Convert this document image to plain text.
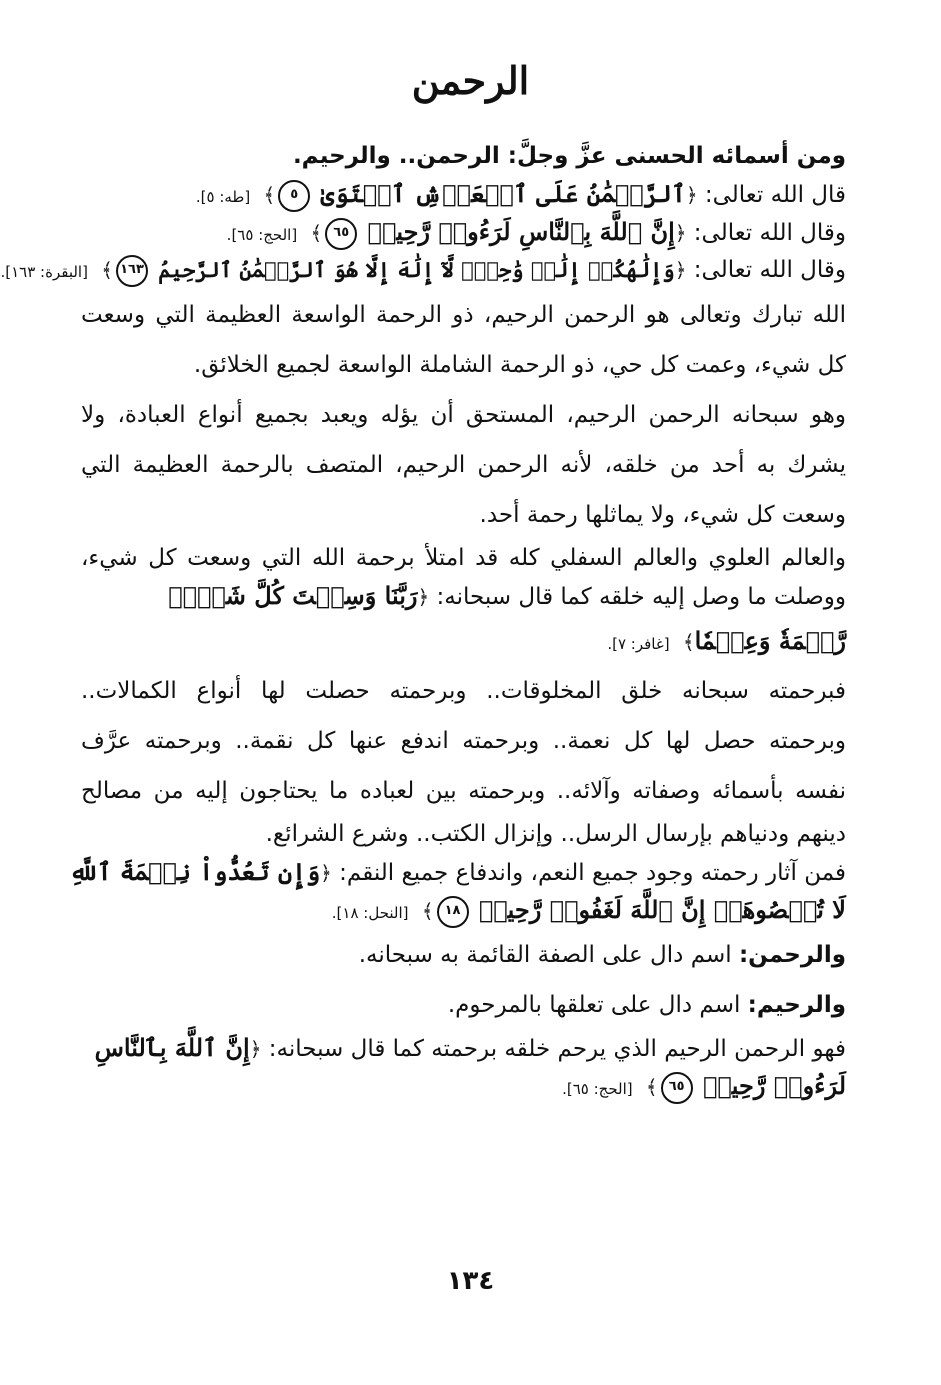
الرحمن
ومن أسمائه الحسنى عزَّ وجلَّ: الرحمن.. والرحيم.
قال الله تعالى: ﴿ٱلرَّحۡمَٰنُ عَلَى ٱلۡعَرۡشِ ٱسۡتَوَىٰ ٥﴾ [طه: ٥].
وقال الله تعالى: ﴿إِنَّ ٱللَّهَ بِٱلنَّاسِ لَرَءُوفٞ رَّحِيمٞ ٦٥﴾ [الحج: ٦٥].
وقال الله تعالى: ﴿وَإِلَٰهُكُمۡ إِلَٰهٞ وَٰحِدٞۖ لَّآ إِلَٰهَ إِلَّا هُوَ ٱلرَّحۡمَٰنُ ٱلرَّحِيمُ ١٦٣﴾ [البقرة: ١٦٣].
الله تبارك وتعالى هو الرحمن الرحيم، ذو الرحمة الواسعة العظيمة التي وسعت
كل شيء، وعمت كل حي، ذو الرحمة الشاملة الواسعة لجميع الخلائق.
وهو سبحانه الرحمن الرحيم، المستحق أن يؤله ويعبد بجميع أنواع العبادة، ولا
يشرك به أحد من خلقه، لأنه الرحمن الرحيم، المتصف بالرحمة العظيمة التي
وسعت كل شيء، ولا يماثلها رحمة أحد.
والعالم العلوي والعالم السفلي كله قد امتلأ برحمة الله التي وسعت كل شيء،
ووصلت ما وصل إليه خلقه كما قال سبحانه: ﴿رَبَّنَا وَسِعۡتَ كُلَّ شَيۡءٖ
رَّحۡمَةٗ وَعِلۡمٗا﴾ [غافر: ٧].
فبرحمته سبحانه خلق المخلوقات.. وبرحمته حصلت لها أنواع الكمالات..
وبرحمته حصل لها كل نعمة.. وبرحمته اندفع عنها كل نقمة.. وبرحمته عرَّف
نفسه بأسمائه وصفاته وآلائه.. وبرحمته بين لعباده ما يحتاجون إليه من مصالح
دينهم ودنياهم بإرسال الرسل.. وإنزال الكتب.. وشرع الشرائع.
فمن آثار رحمته وجود جميع النعم، واندفاع جميع النقم: ﴿وَإِن تَعُدُّواْ نِعۡمَةَ ٱللَّهِ
لَا تُحۡصُوهَآۗ إِنَّ ٱللَّهَ لَغَفُورٞ رَّحِيمٞ ١٨﴾ [النحل: ١٨].
والرحمن: اسم دال على الصفة القائمة به سبحانه.
والرحيم: اسم دال على تعلقها بالمرحوم.
فهو الرحمن الرحيم الذي يرحم خلقه برحمته كما قال سبحانه: ﴿إِنَّ ٱللَّهَ بِٱلنَّاسِ
لَرَءُوفٞ رَّحِيمٞ ٦٥﴾ [الحج: ٦٥].
١٣٤
